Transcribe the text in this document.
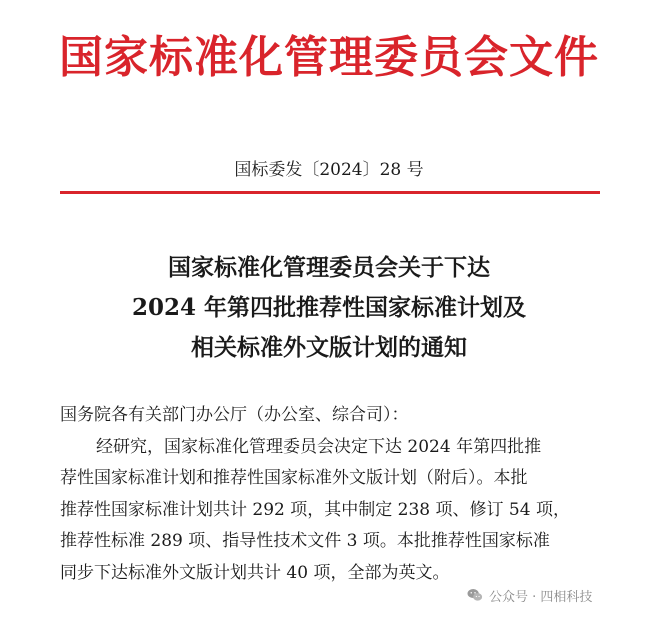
国家标准化管理委员会文件
国标委发〔2024〕28 号
国家标准化管理委员会关于下达
2024 年第四批推荐性国家标准计划及
相关标准外文版计划的通知
国务院各有关部门办公厅（办公室、综合司）：
经研究，国家标准化管理委员会决定下达 2024 年第四批推
荐性国家标准计划和推荐性国家标准外文版计划（附后）。本批
推荐性国家标准计划共计 292 项，其中制定 238 项、修订 54 项，
推荐性标准 289 项、指导性技术文件 3 项。本批推荐性国家标准
同步下达标准外文版计划共计 40 项，全部为英文。
公众号 · 四相科技
